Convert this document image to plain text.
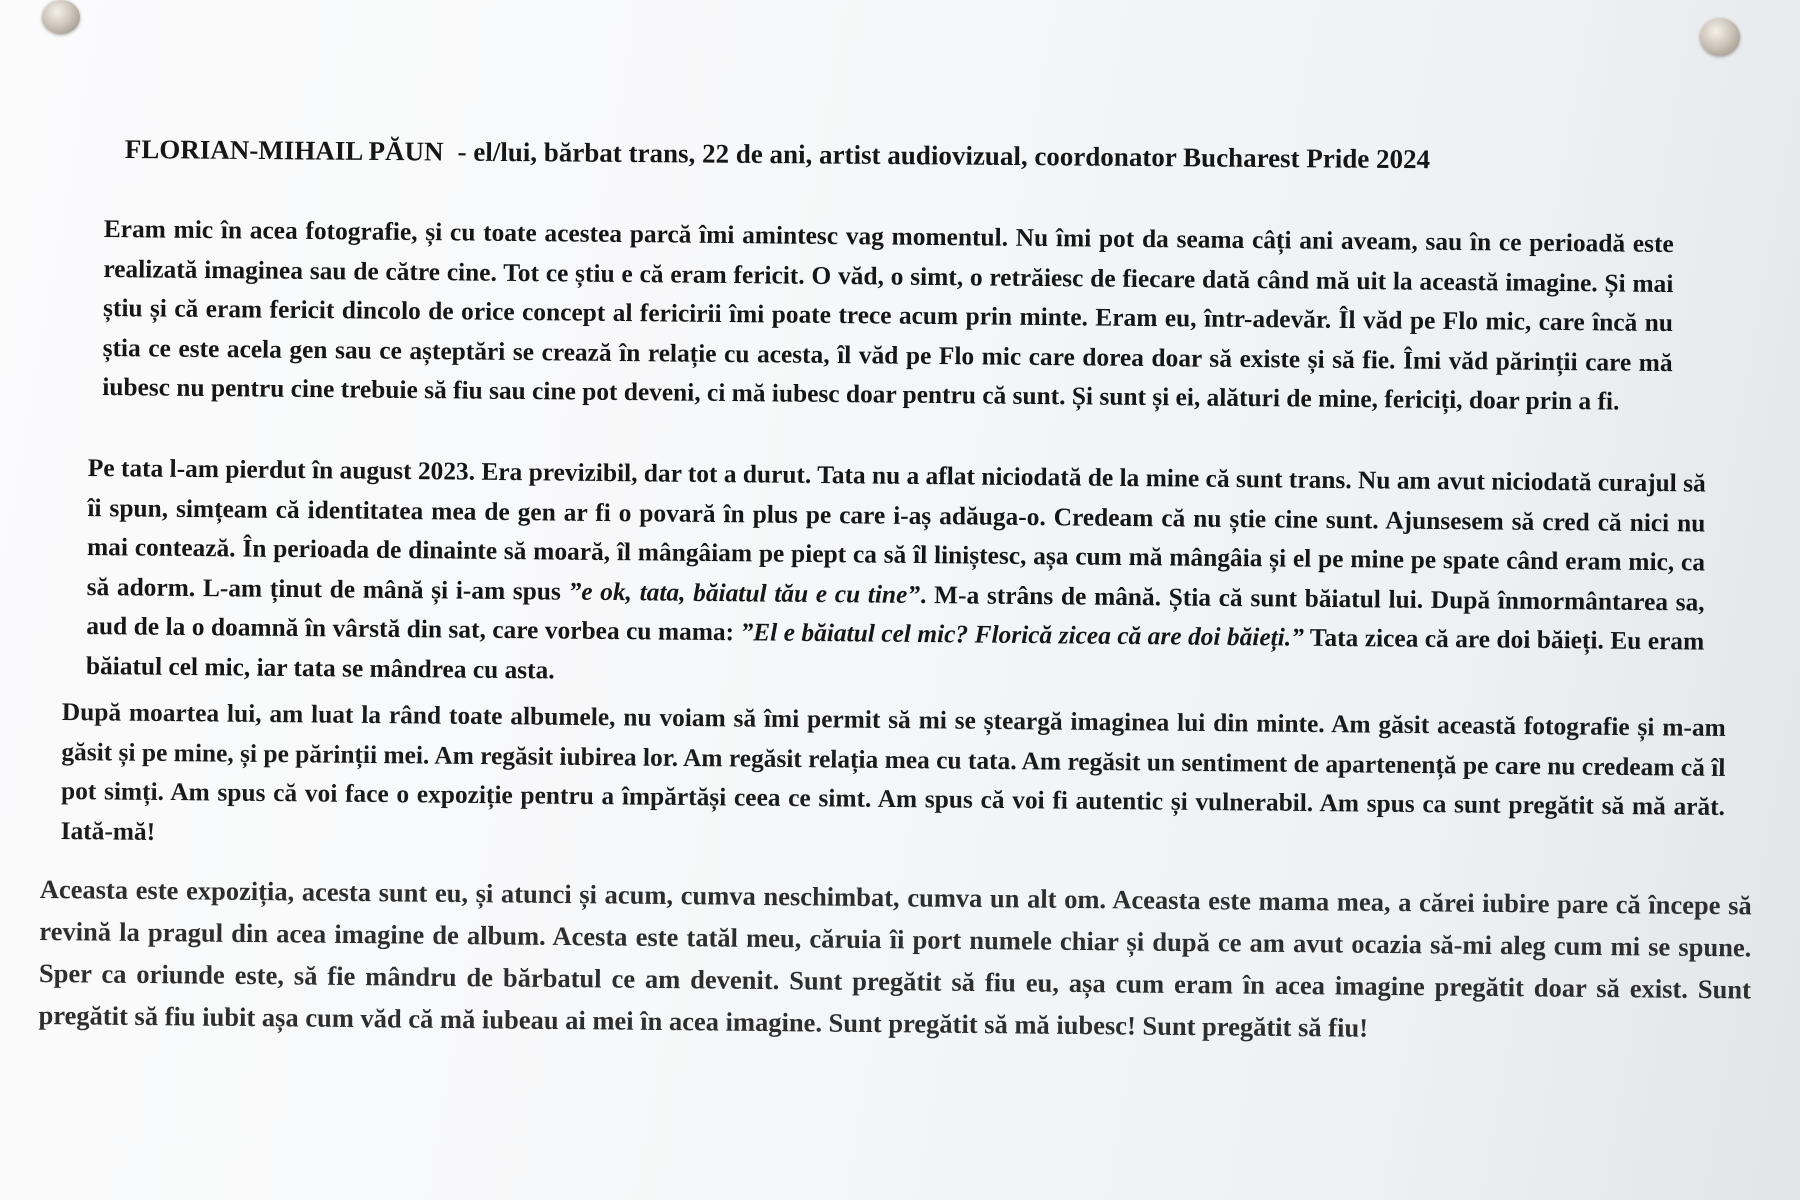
FLORIAN-MIHAIL PĂUN - el/lui, bărbat trans, 22 de ani, artist audiovizual, coordonator Bucharest Pride 2024
Eram mic în acea fotografie, și cu toate acestea parcă îmi amintesc vag momentul. Nu îmi pot da seama câți ani aveam, sau în ce perioadă este realizată imaginea sau de către cine. Tot ce știu e că eram fericit. O văd, o simt, o retrăiesc de fiecare dată când mă uit la această imagine. Și mai știu și că eram fericit dincolo de orice concept al fericirii îmi poate trece acum prin minte. Eram eu, într-adevăr. Îl văd pe Flo mic, care încă nu știa ce este acela gen sau ce așteptări se crează în relație cu acesta, îl văd pe Flo mic care dorea doar să existe și să fie. Îmi văd părinții care mă iubesc nu pentru cine trebuie să fiu sau cine pot deveni, ci mă iubesc doar pentru că sunt. Și sunt și ei, alături de mine, fericiți, doar prin a fi.
Pe tata l-am pierdut în august 2023. Era previzibil, dar tot a durut. Tata nu a aflat niciodată de la mine că sunt trans. Nu am avut niciodată curajul să îi spun, simțeam că identitatea mea de gen ar fi o povară în plus pe care i-aș adăuga-o. Credeam că nu știe cine sunt. Ajunsesem să cred că nici nu mai contează. În perioada de dinainte să moară, îl mângâiam pe piept ca să îl liniștesc, așa cum mă mângâia și el pe mine pe spate când eram mic, ca să adorm. L-am ținut de mână și i-am spus ”e ok, tata, băiatul tău e cu tine”. M-a strâns de mână. Știa că sunt băiatul lui. După înmormântarea sa, aud de la o doamnă în vârstă din sat, care vorbea cu mama: ”El e băiatul cel mic? Florică zicea că are doi băieți.” Tata zicea că are doi băieți. Eu eram băiatul cel mic, iar tata se mândrea cu asta.
După moartea lui, am luat la rând toate albumele, nu voiam să îmi permit să mi se șteargă imaginea lui din minte. Am găsit această fotografie și m-am găsit și pe mine, și pe părinții mei. Am regăsit iubirea lor. Am regăsit relația mea cu tata. Am regăsit un sentiment de apartenență pe care nu credeam că îl pot simți. Am spus că voi face o expoziție pentru a împărtăși ceea ce simt. Am spus că voi fi autentic și vulnerabil. Am spus ca sunt pregătit să mă arăt. Iată-mă!
Aceasta este expoziția, acesta sunt eu, și atunci și acum, cumva neschimbat, cumva un alt om. Aceasta este mama mea, a cărei iubire pare că începe să revină la pragul din acea imagine de album. Acesta este tatăl meu, căruia îi port numele chiar și după ce am avut ocazia să-mi aleg cum mi se spune. Sper ca oriunde este, să fie mândru de bărbatul ce am devenit. Sunt pregătit să fiu eu, așa cum eram în acea imagine pregătit doar să exist. Sunt pregătit să fiu iubit așa cum văd că mă iubeau ai mei în acea imagine. Sunt pregătit să mă iubesc! Sunt pregătit să fiu!
